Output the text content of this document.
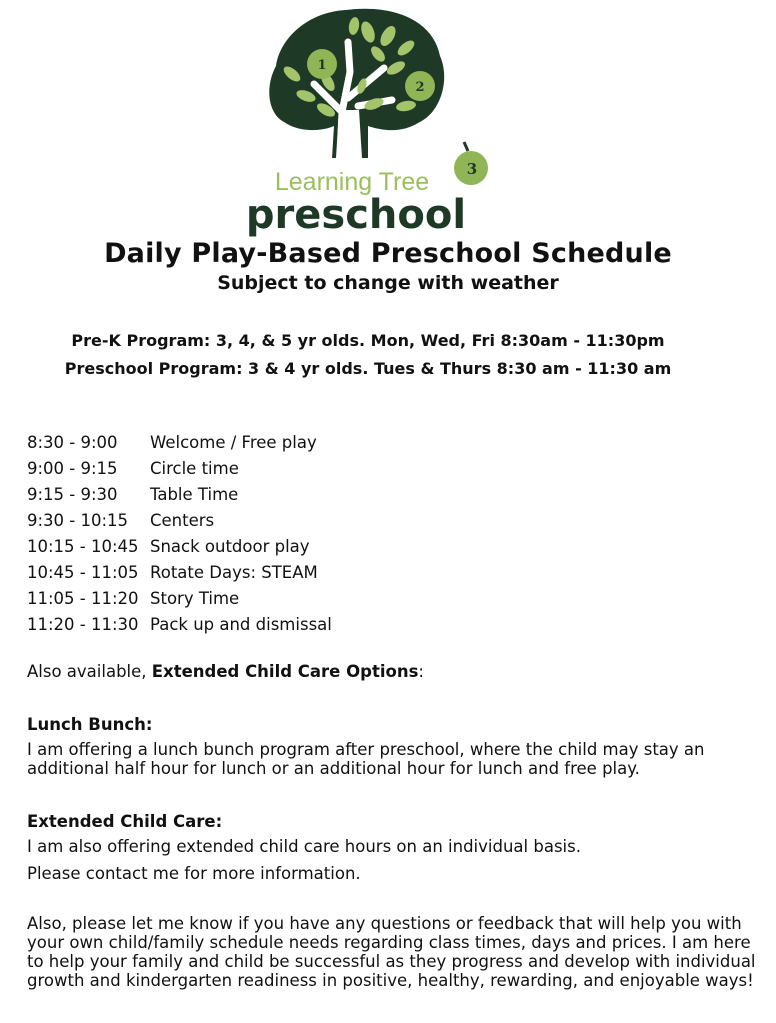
1
2
3
Learning Tree
preschool
Daily Play-Based Preschool Schedule
Subject to change with weather

Pre-K Program: 3, 4, & 5 yr olds. Mon, Wed, Fri 8:30am - 11:30pm

Preschool Program: 3 & 4 yr olds. Tues & Thurs 8:30 am - 11:30 am

8:30 - 9:00	Welcome / Free play
9:00 - 9:15	Circle time
9:15 - 9:30	Table Time
9:30 - 10:15	Centers
10:15 - 10:45 Snack outdoor play
10:45 - 11:05 Rotate Days: STEAM
11:05 - 11:20 Story Time
11:20 - 11:30 Pack up and dismissal

Also available, Extended Child Care Options:

Lunch Bunch:

I am offering a lunch bunch program after preschool, where the child may stay an additional half hour for lunch or an additional hour for lunch and free play.

Extended Child Care:

I am also offering extended child care hours on an individual basis.

Please contact me for more information.

Also, please let me know if you have any questions or feedback that will help you with your own child/family schedule needs regarding class times, days and prices. I am here to help your family and child be successful as they progress and develop with individual growth and kindergarten readiness in positive, healthy, rewarding, and enjoyable ways!
